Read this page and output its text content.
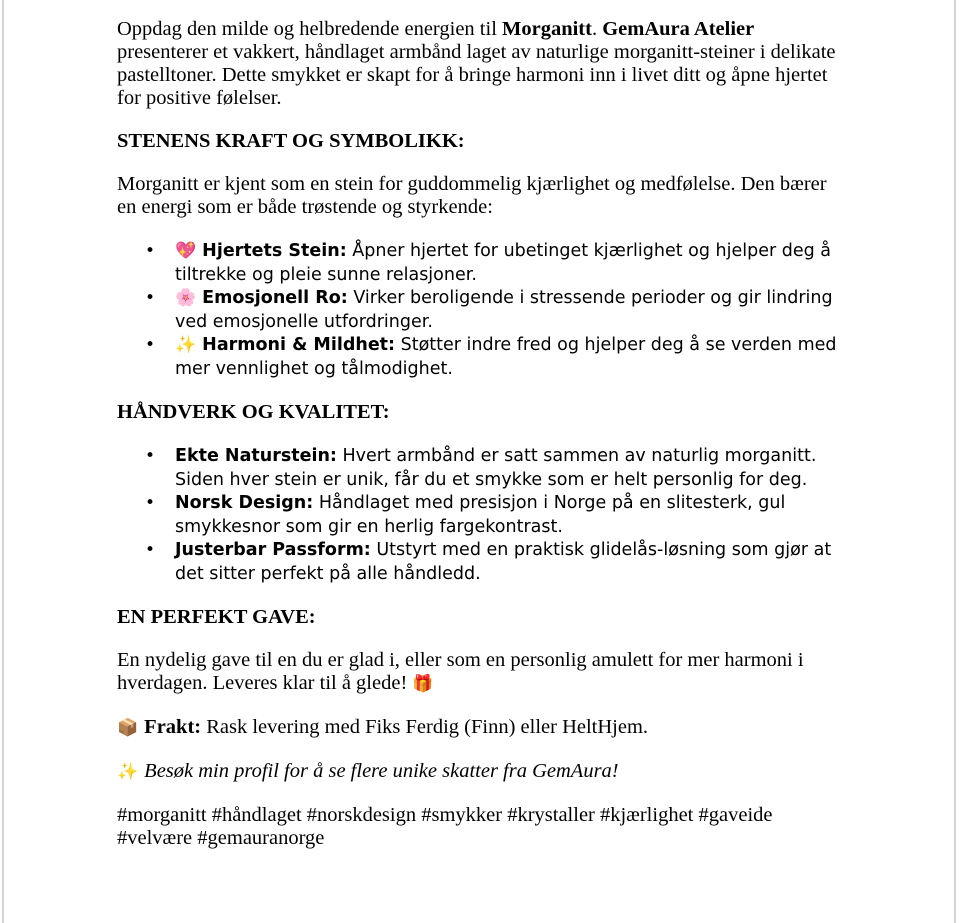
Oppdag den milde og helbredende energien til Morganitt. GemAura Atelier presenterer et vakkert, håndlaget armbånd laget av naturlige morganitt-steiner i delikate pastelltoner. Dette smykket er skapt for å bringe harmoni inn i livet ditt og åpne hjertet for positive følelser.

STENENS KRAFT OG SYMBOLIKK:

Morganitt er kjent som en stein for guddommelig kjærlighet og medfølelse. Den bærer en energi som er både trøstende og styrkende:

• 💖 Hjertets Stein: Åpner hjertet for ubetinget kjærlighet og hjelper deg å tiltrekke og pleie sunne relasjoner.
• 🌸 Emosjonell Ro: Virker beroligende i stressende perioder og gir lindring ved emosjonelle utfordringer.
• ✨ Harmoni & Mildhet: Støtter indre fred og hjelper deg å se verden med mer vennlighet og tålmodighet.

HÅNDVERK OG KVALITET:

• Ekte Naturstein: Hvert armbånd er satt sammen av naturlig morganitt. Siden hver stein er unik, får du et smykke som er helt personlig for deg.
• Norsk Design: Håndlaget med presisjon i Norge på en slitesterk, gul smykkesnor som gir en herlig fargekontrast.
• Justerbar Passform: Utstyrt med en praktisk glidelås-løsning som gjør at det sitter perfekt på alle håndledd.

EN PERFEKT GAVE:

En nydelig gave til en du er glad i, eller som en personlig amulett for mer harmoni i hverdagen. Leveres klar til å glede! 🎁

📦 Frakt: Rask levering med Fiks Ferdig (Finn) eller HeltHjem.

✨ Besøk min profil for å se flere unike skatter fra GemAura!

#morganitt #håndlaget #norskdesign #smykker #krystaller #kjærlighet #gaveide #velvære #gemauranorge
